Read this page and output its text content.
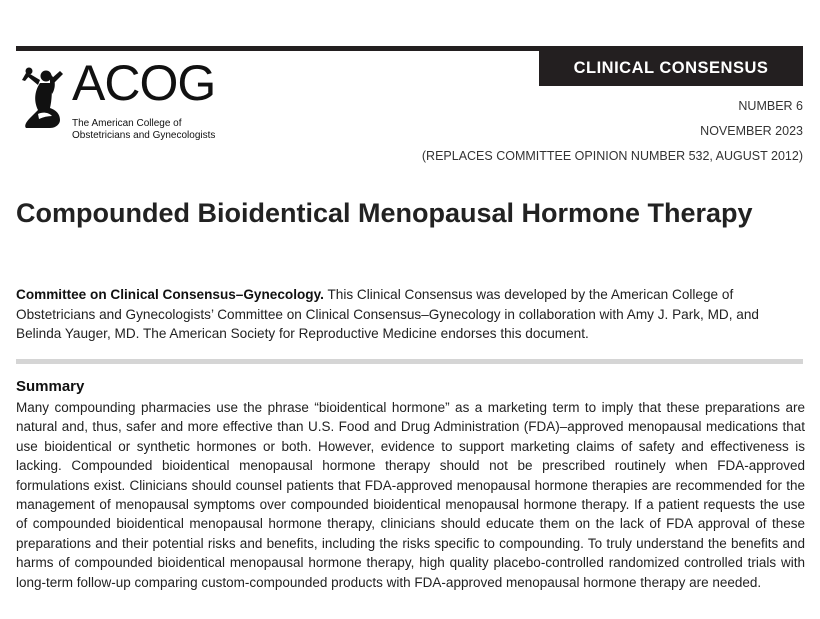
CLINICAL CONSENSUS
ACOG
The American College of
Obstetricians and Gynecologists
NUMBER 6
NOVEMBER 2023
(REPLACES COMMITTEE OPINION NUMBER 532, AUGUST 2012)
Compounded Bioidentical Menopausal Hormone Therapy

Committee on Clinical Consensus–Gynecology. This Clinical Consensus was developed by the American College of Obstetricians and Gynecologists’ Committee on Clinical Consensus–Gynecology in collaboration with Amy J. Park, MD, and Belinda Yauger, MD. The American Society for Reproductive Medicine endorses this document.

Summary

Many compounding pharmacies use the phrase “bioidentical hormone” as a marketing term to imply that these preparations are natural and, thus, safer and more effective than U.S. Food and Drug Administration (FDA)–approved menopausal medications that use bioidentical or synthetic hormones or both. However, evidence to support marketing claims of safety and effectiveness is lacking. Compounded bioidentical menopausal hormone therapy should not be prescribed routinely when FDA-approved formulations exist. Clinicians should counsel patients that FDA-approved menopausal hormone therapies are recommended for the management of menopausal symptoms over compounded bioidentical menopausal hormone therapy. If a patient requests the use of compounded bioidentical menopausal hormone therapy, clinicians should educate them on the lack of FDA approval of these preparations and their potential risks and benefits, including the risks specific to compounding. To truly understand the benefits and harms of compounded bioidentical menopausal hormone therapy, high quality placebo-controlled randomized controlled trials with long-term follow-up comparing custom-compounded products with FDA-approved menopausal hormone therapy are needed.
